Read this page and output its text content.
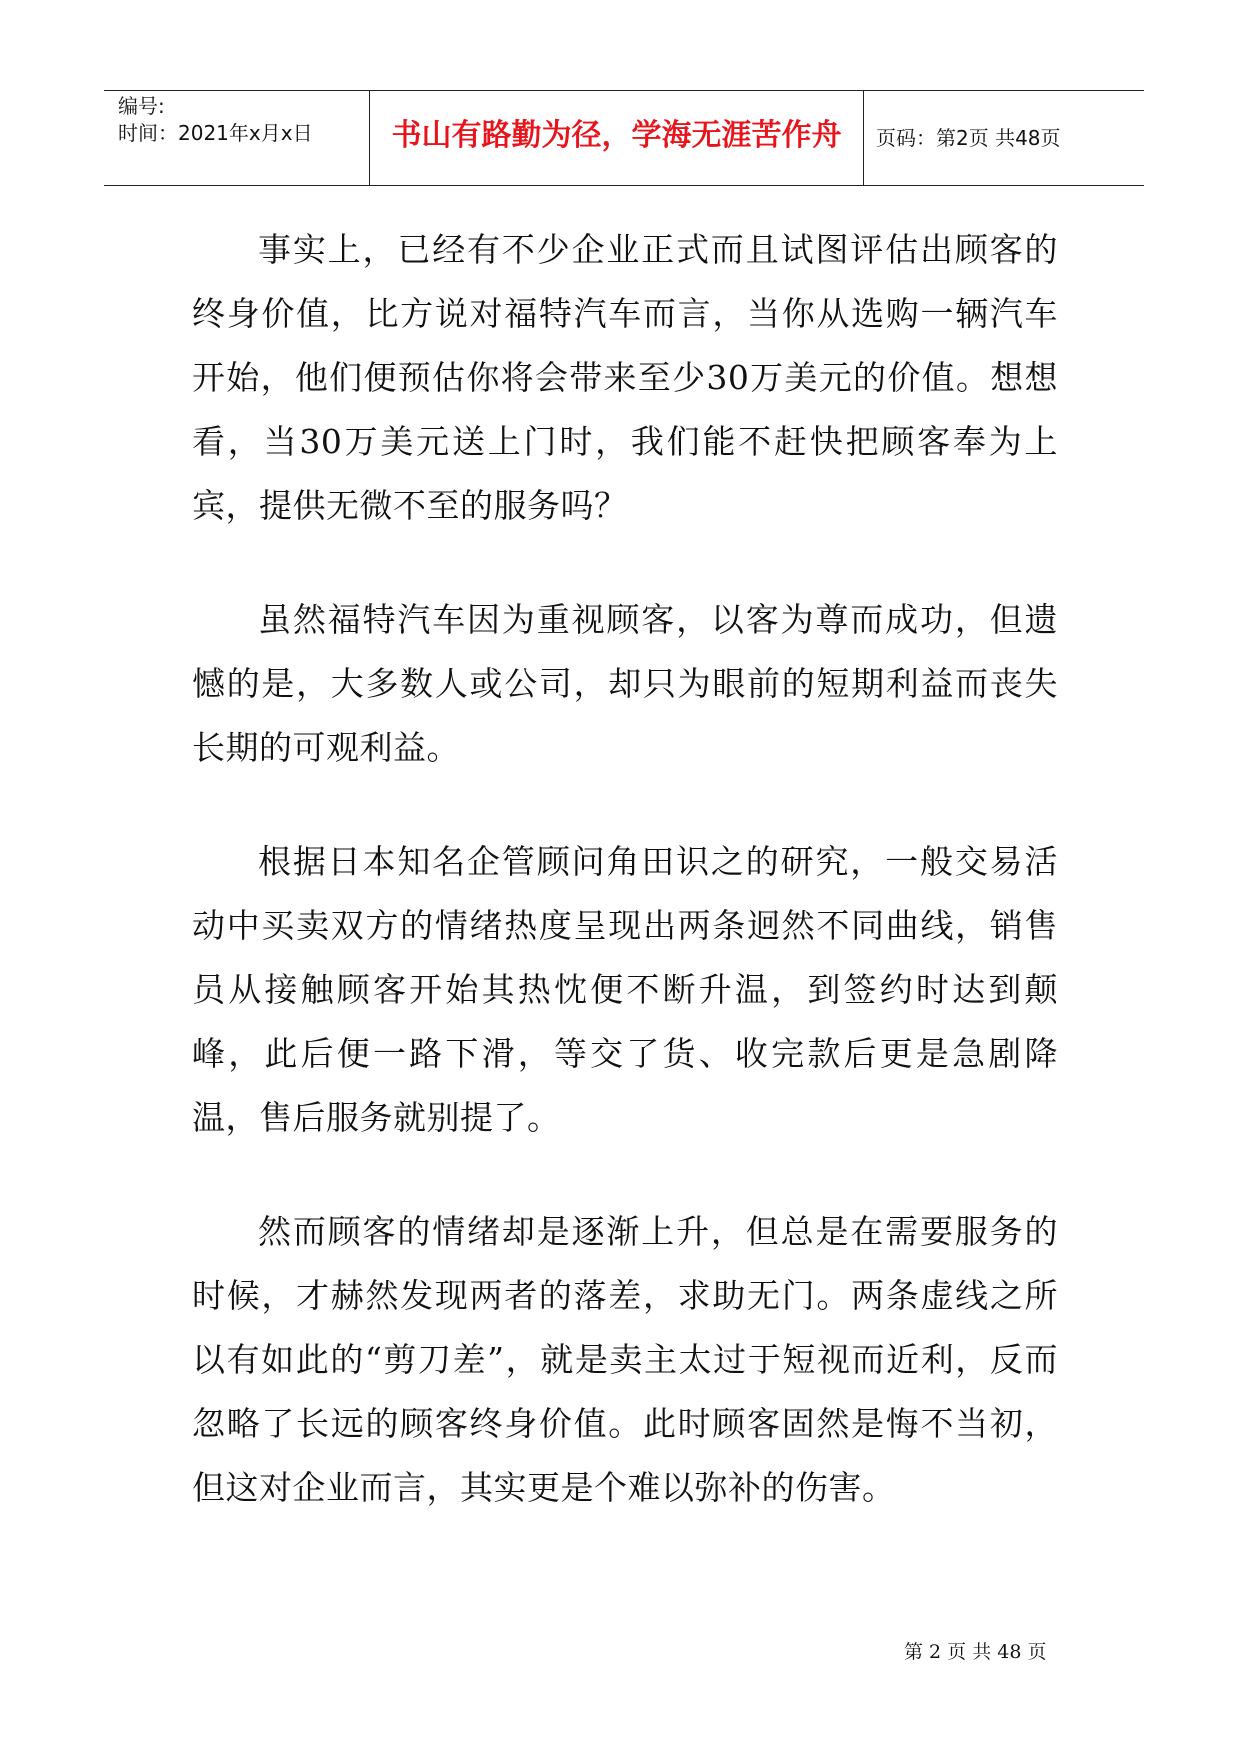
编号:
时间：2021年x月x日	书山有路勤为径，学海无涯苦作舟	页码：第2页 共48页

事实上，已经有不少企业正式而且试图评估出顾客的终身价值，比方说对福特汽车而言，当你从选购一辆汽车开始，他们便预估你将会带来至少30万美元的价值。想想看，当30万美元送上门时，我们能不赶快把顾客奉为上宾，提供无微不至的服务吗？

虽然福特汽车因为重视顾客，以客为尊而成功，但遗憾的是，大多数人或公司，却只为眼前的短期利益而丧失长期的可观利益。

根据日本知名企管顾问角田识之的研究，一般交易活动中买卖双方的情绪热度呈现出两条迥然不同曲线，销售员从接触顾客开始其热忱便不断升温，到签约时达到颠峰，此后便一路下滑，等交了货、收完款后更是急剧降温，售后服务就别提了。

然而顾客的情绪却是逐渐上升，但总是在需要服务的时候，才赫然发现两者的落差，求助无门。两条虚线之所以有如此的“剪刀差”，就是卖主太过于短视而近利，反而忽略了长远的顾客终身价值。此时顾客固然是悔不当初，但这对企业而言，其实更是个难以弥补的伤害。

第 2 页 共 48 页
